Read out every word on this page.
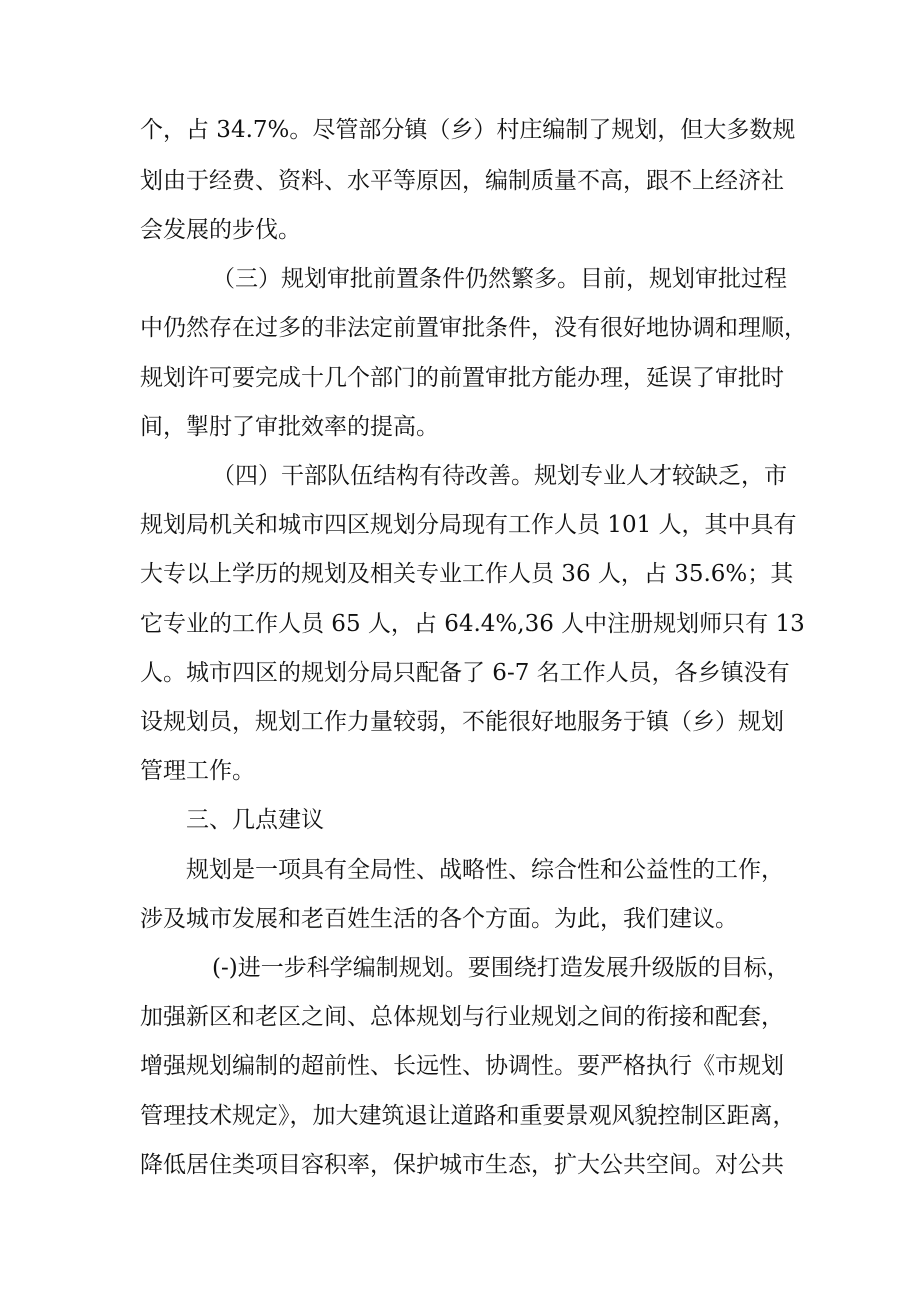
个，占 34.7%。尽管部分镇（乡）村庄编制了规划，但大多数规
划由于经费、资料、水平等原因，编制质量不高，跟不上经济社
会发展的步伐。
（三）规划审批前置条件仍然繁多。目前，规划审批过程
中仍然存在过多的非法定前置审批条件，没有很好地协调和理顺，
规划许可要完成十几个部门的前置审批方能办理，延误了审批时
间，掣肘了审批效率的提高。
（四）干部队伍结构有待改善。规划专业人才较缺乏，市
规划局机关和城市四区规划分局现有工作人员 101 人，其中具有
大专以上学历的规划及相关专业工作人员 36 人，占 35.6%；其
它专业的工作人员 65 人，占 64.4%,36 人中注册规划师只有 13
人。城市四区的规划分局只配备了 6-7 名工作人员，各乡镇没有
设规划员，规划工作力量较弱，不能很好地服务于镇（乡）规划
管理工作。
三、几点建议
规划是一项具有全局性、战略性、综合性和公益性的工作，
涉及城市发展和老百姓生活的各个方面。为此，我们建议。
(-)进一步科学编制规划。要围绕打造发展升级版的目标，
加强新区和老区之间、总体规划与行业规划之间的衔接和配套，
增强规划编制的超前性、长远性、协调性。要严格执行《市规划
管理技术规定》，加大建筑退让道路和重要景观风貌控制区距离，
降低居住类项目容积率，保护城市生态，扩大公共空间。对公共
